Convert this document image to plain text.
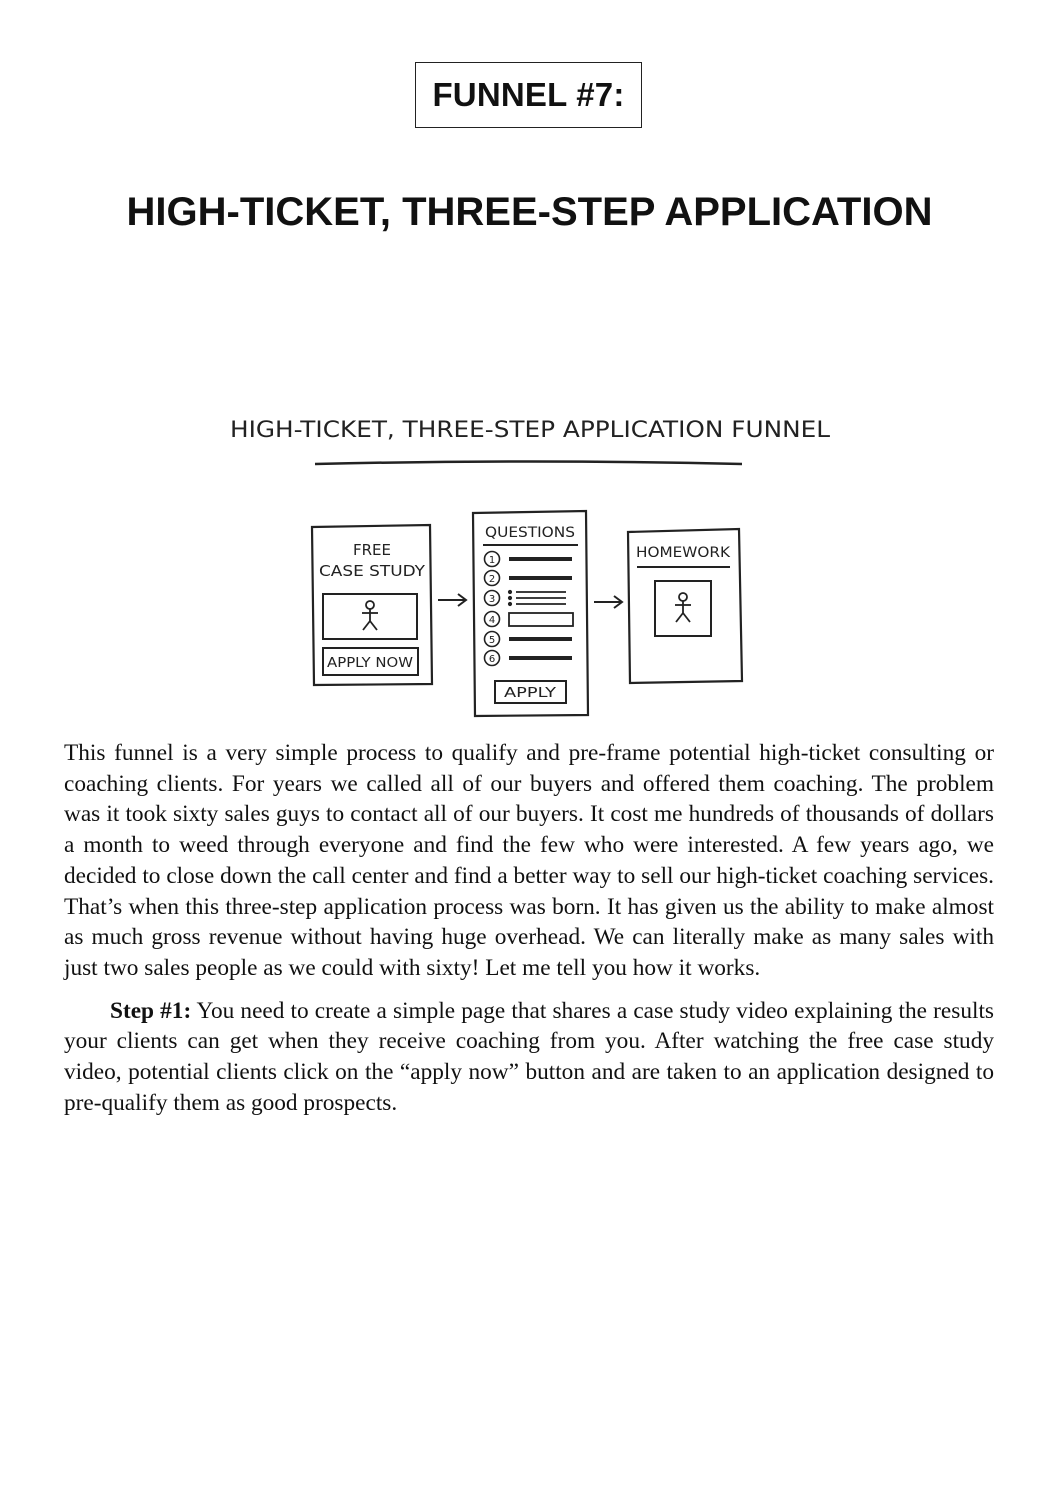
FUNNEL #7:
HIGH-TICKET, THREE-STEP APPLICATION
HIGH-TICKET, THREE-STEP APPLICATION FUNNEL
FREE
CASE STUDY
APPLY NOW
QUESTIONS
1
2
3
4
5
6
APPLY
HOMEWORK

This funnel is a very simple process to qualify and pre-frame potential high-ticket consulting or coaching clients. For years we called all of our buyers and offered them coaching. The problem was it took sixty sales guys to contact all of our buyers. It cost me hundreds of thousands of dollars a month to weed through everyone and find the few who were interested. A few years ago, we decided to close down the call center and find a better way to sell our high-ticket coaching services. That’s when this three-step application process was born. It has given us the ability to make almost as much gross revenue without having huge overhead. We can literally make as many sales with just two sales people as we could with sixty! Let me tell you how it works.

Step #1: You need to create a simple page that shares a case study video explaining the results your clients can get when they receive coaching from you. After watching the free case study video, potential clients click on the “apply now” button and are taken to an application designed to pre-qualify them as good prospects.
